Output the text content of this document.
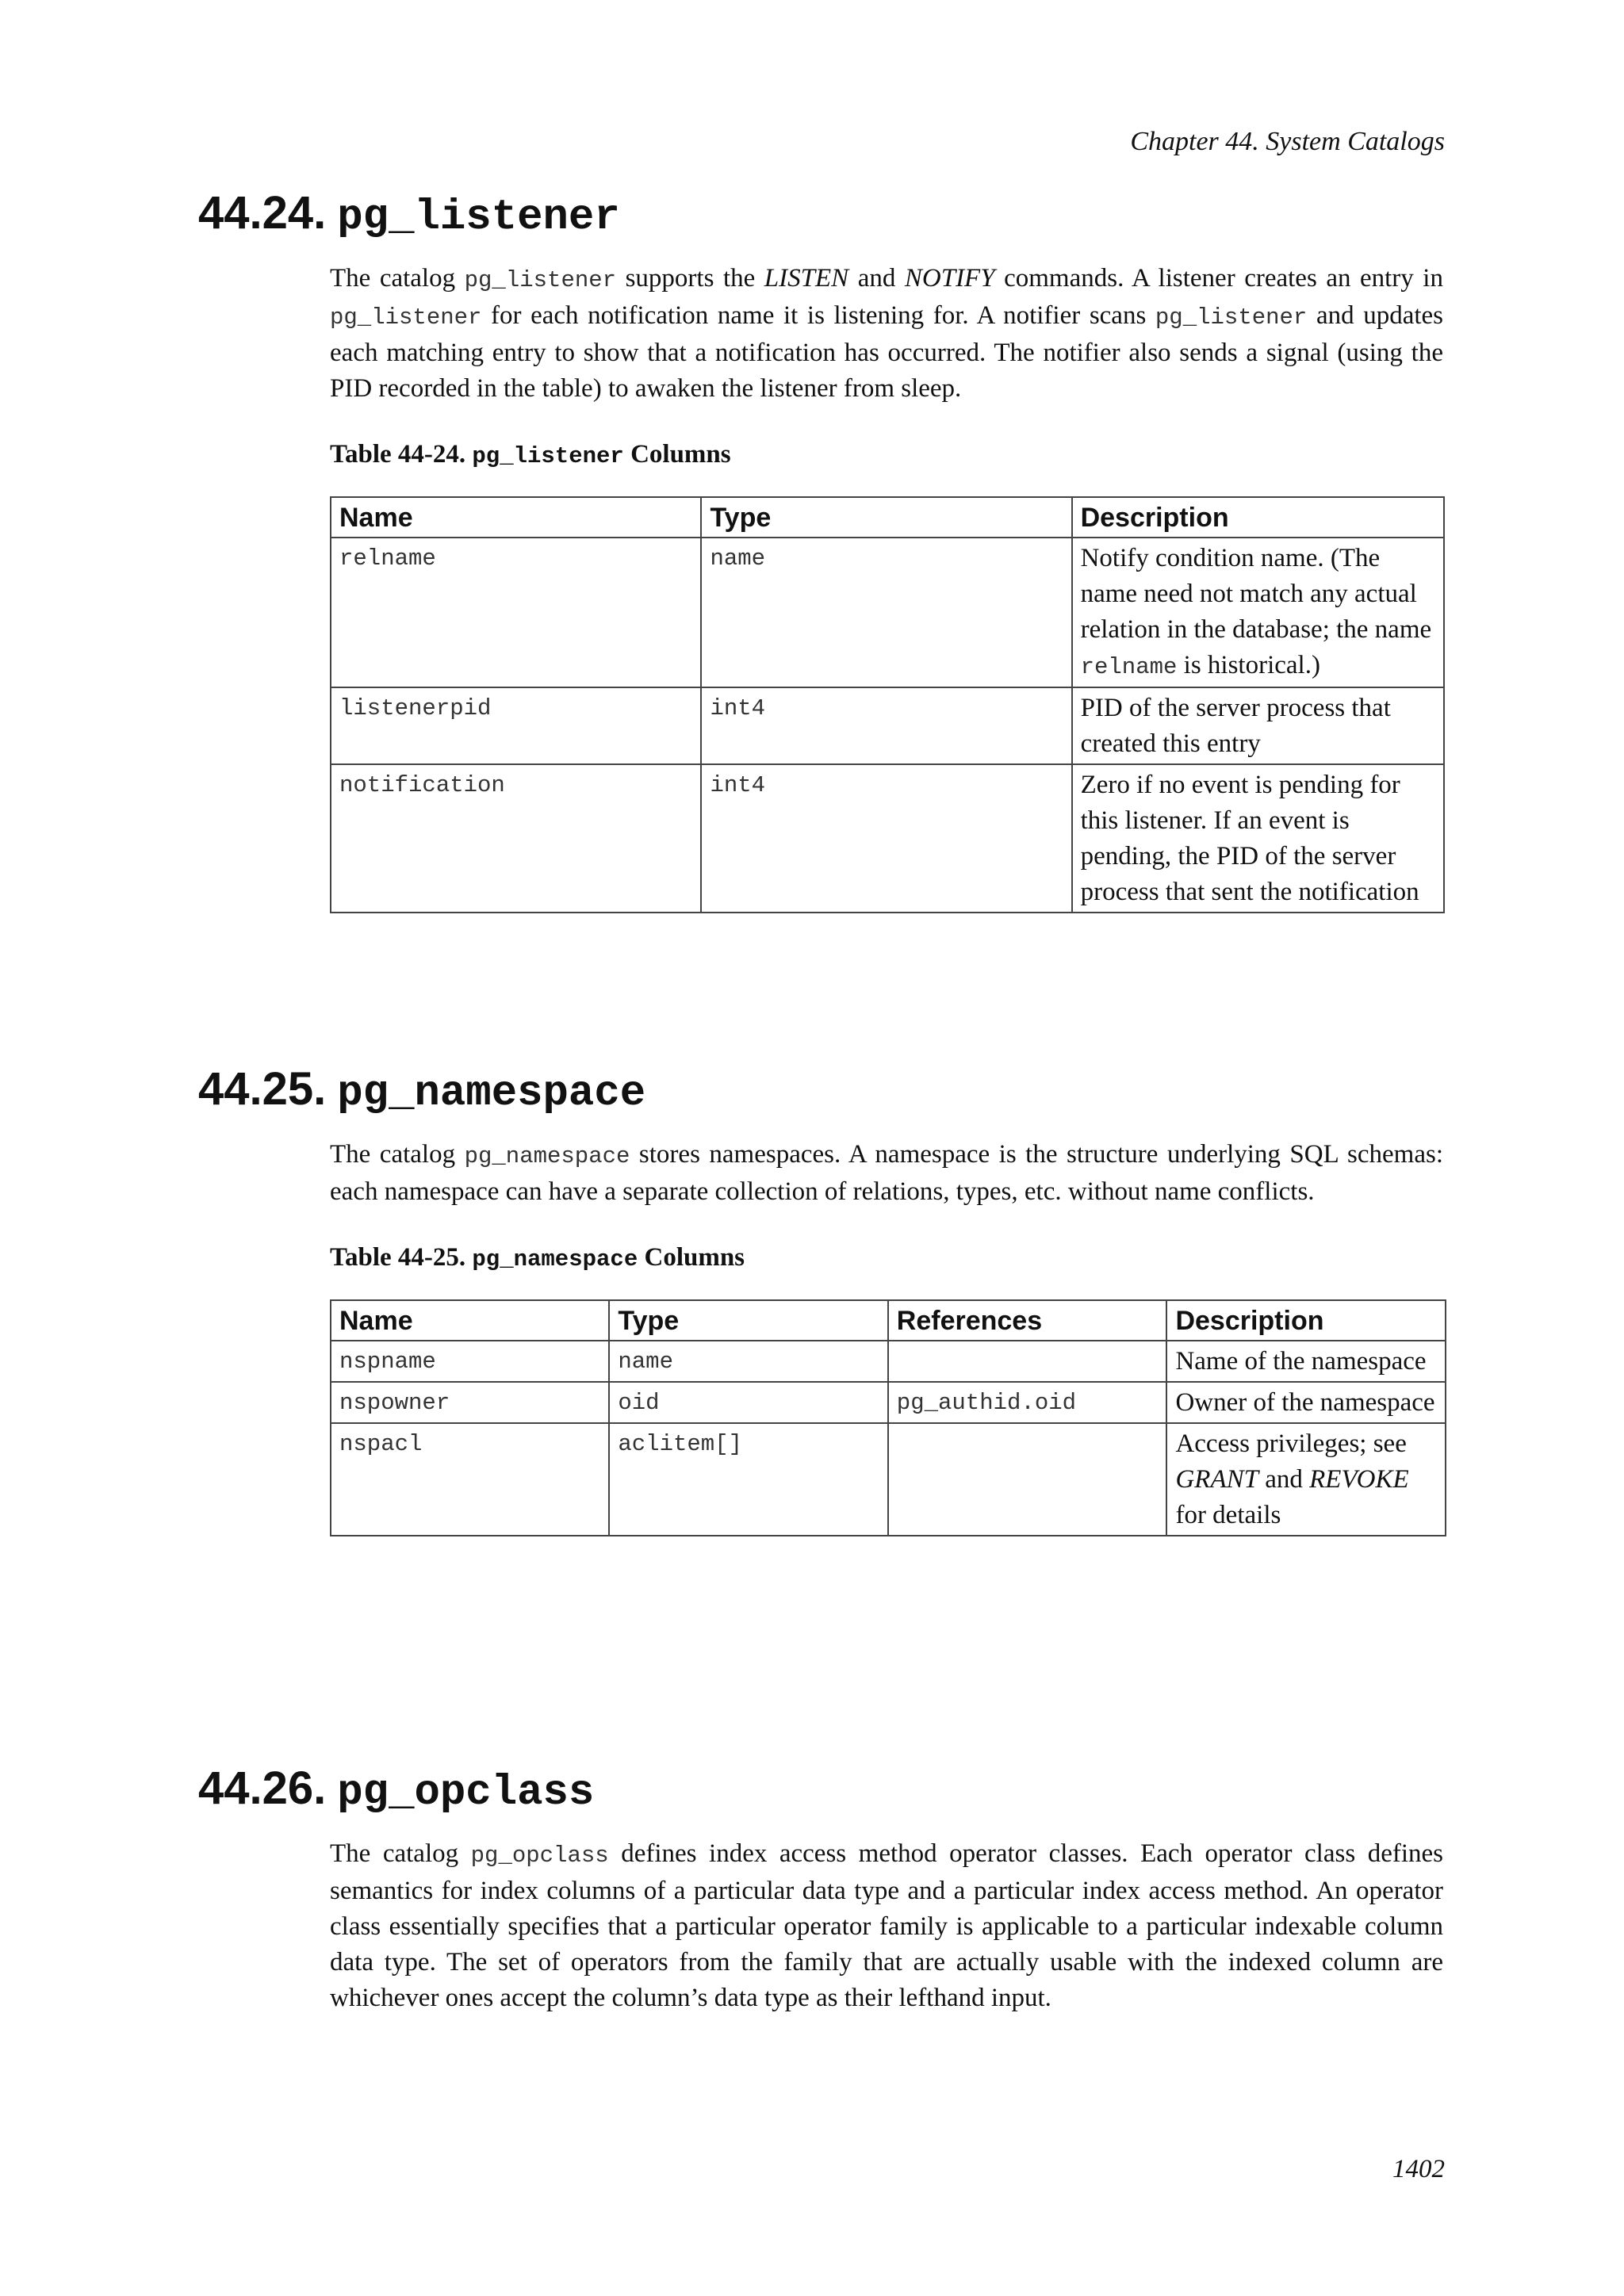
Chapter 44. System Catalogs
44.24. pg_listener

The catalog pg_listener supports the LISTEN and NOTIFY commands. A listener creates an entry in pg_listener for each notification name it is listening for. A notifier scans pg_listener and updates each matching entry to show that a notification has occurred. The notifier also sends a signal (using the PID recorded in the table) to awaken the listener from sleep.

Table 44-24. pg_listener Columns
Name	Type	Description
relname	name	Notify condition name. (The name need not match any actual relation in the database; the name relname is historical.)
listenerpid	int4	PID of the server process that created this entry
notification	int4	Zero if no event is pending for this listener. If an event is pending, the PID of the server process that sent the notification
44.25. pg_namespace

The catalog pg_namespace stores namespaces. A namespace is the structure underlying SQL schemas: each namespace can have a separate collection of relations, types, etc. without name conflicts.

Table 44-25. pg_namespace Columns
Name	Type	References	Description
nspname	name		Name of the namespace
nspowner	oid	pg_authid.oid	Owner of the namespace
nspacl	aclitem[]		Access privileges; see GRANT and REVOKE for details
44.26. pg_opclass

The catalog pg_opclass defines index access method operator classes. Each operator class defines semantics for index columns of a particular data type and a particular index access method. An operator class essentially specifies that a particular operator family is applicable to a particular indexable column data type. The set of operators from the family that are actually usable with the indexed column are whichever ones accept the column’s data type as their lefthand input.

1402
